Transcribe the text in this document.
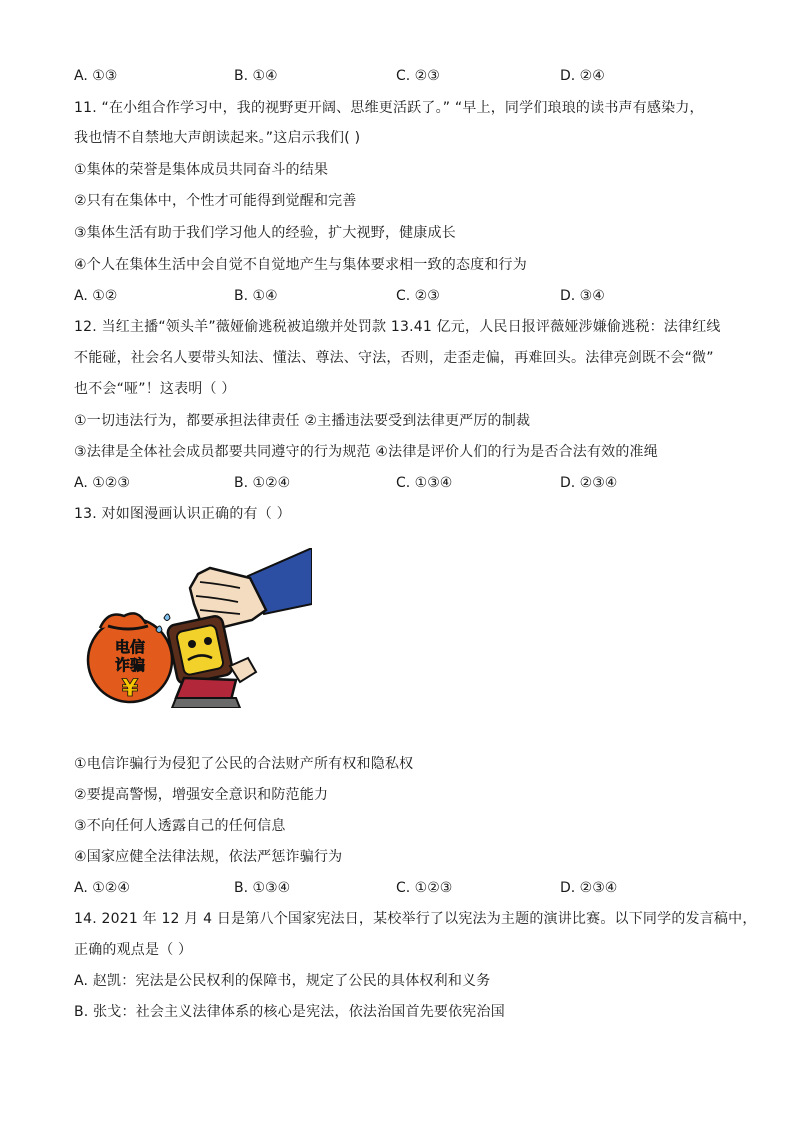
A. ①③	B. ①④	C. ②③	D. ②④
11. “在小组合作学习中，我的视野更开阔、思维更活跃了。” “早上，同学们琅琅的读书声有感染力，
我也情不自禁地大声朗读起来。”这启示我们( )
①集体的荣誉是集体成员共同奋斗的结果
②只有在集体中，个性才可能得到觉醒和完善
③集体生活有助于我们学习他人的经验，扩大视野，健康成长
④个人在集体生活中会自觉不自觉地产生与集体要求相一致的态度和行为
A. ①②	B. ①④	C. ②③	D. ③④
12. 当红主播“领头羊”薇娅偷逃税被追缴并处罚款 13.41 亿元，人民日报评薇娅涉嫌偷逃税：法律红线
不能碰，社会名人要带头知法、懂法、尊法、守法，否则，走歪走偏，再难回头。法律亮剑既不会“微”
也不会“哑”！这表明（ ）
①一切违法行为，都要承担法律责任 ②主播违法要受到法律更严厉的制裁
③法律是全体社会成员都要共同遵守的行为规范 ④法律是评价人们的行为是否合法有效的准绳
A. ①②③	B. ①②④	C. ①③④	D. ②③④
13. 对如图漫画认识正确的有（ ）
电信
诈骗
¥
①电信诈骗行为侵犯了公民的合法财产所有权和隐私权
②要提高警惕，增强安全意识和防范能力
③不向任何人透露自己的任何信息
④国家应健全法律法规，依法严惩诈骗行为
A. ①②④	B. ①③④	C. ①②③	D. ②③④
14. 2021 年 12 月 4 日是第八个国家宪法日，某校举行了以宪法为主题的演讲比赛。以下同学的发言稿中，
正确的观点是（ ）
A. 赵凯：宪法是公民权利的保障书，规定了公民的具体权利和义务
B. 张戈：社会主义法律体系的核心是宪法，依法治国首先要依宪治国
